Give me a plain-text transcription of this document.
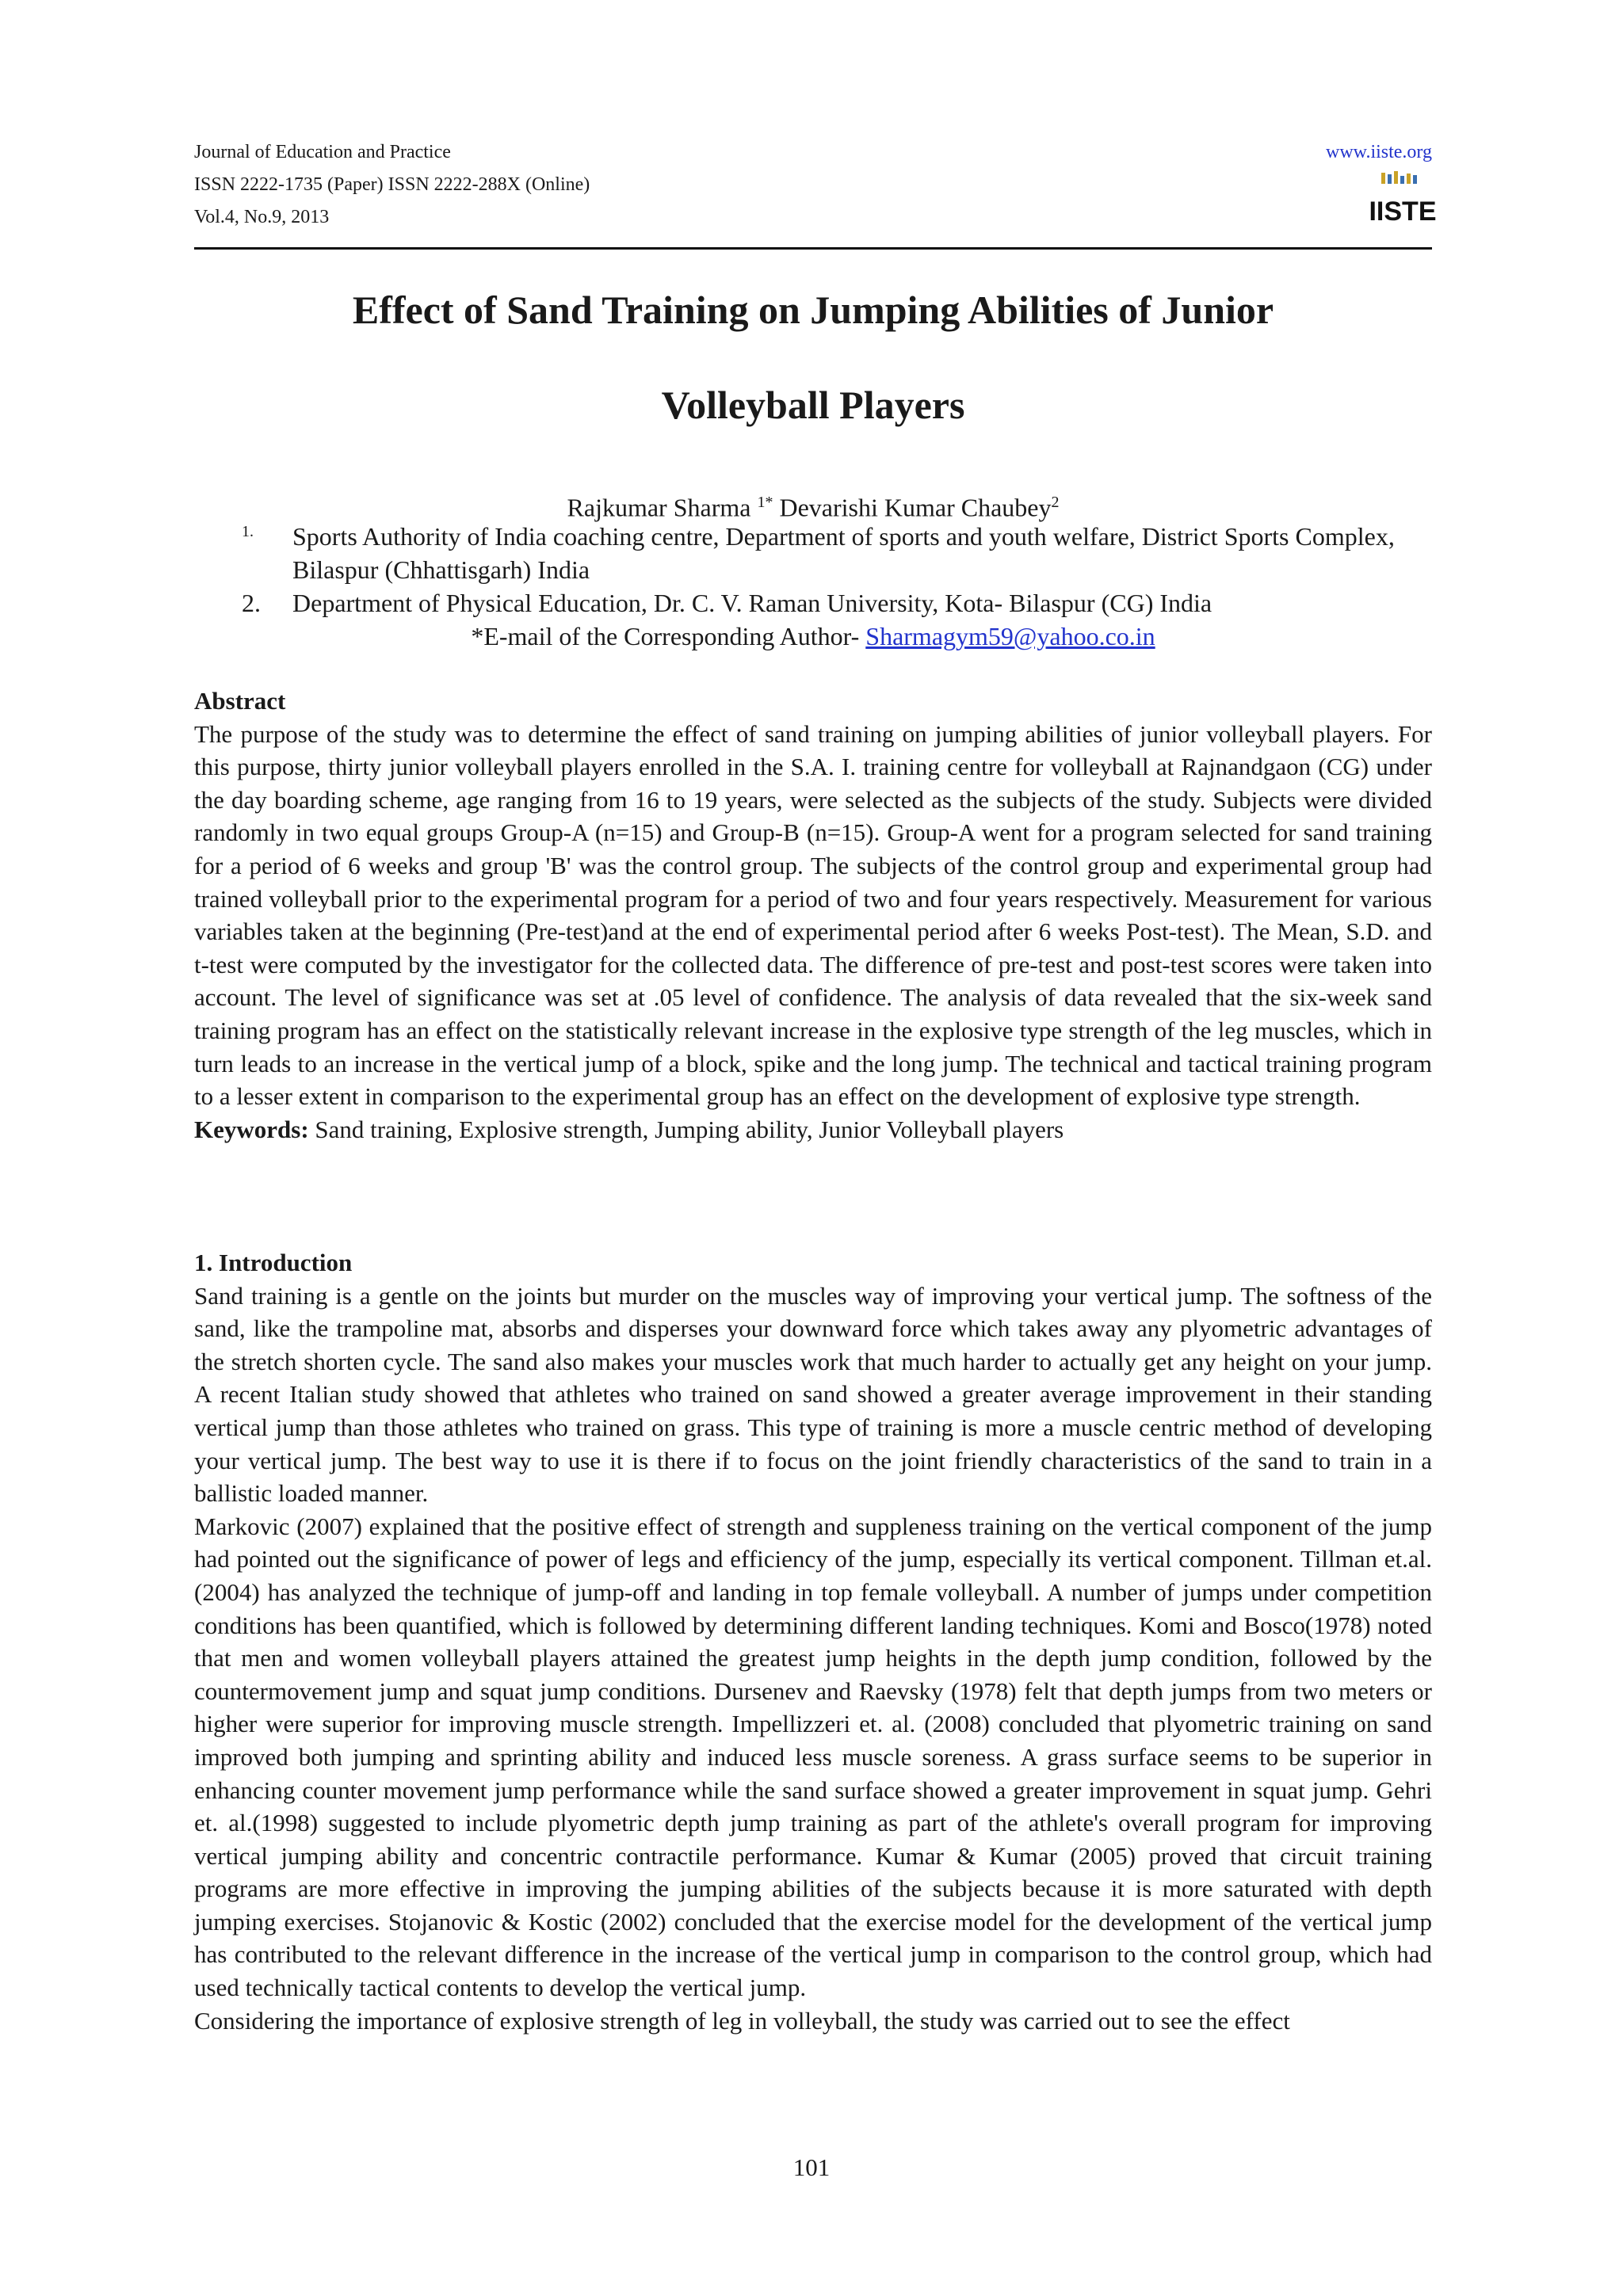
Journal of Education and Practice
ISSN 2222-1735 (Paper) ISSN 2222-288X (Online)
Vol.4, No.9, 2013
www.iiste.org
IISTE
Effect of Sand Training on Jumping Abilities of Junior
Volleyball Players
Rajkumar Sharma $^{1*}$ Devarishi Kumar Chaubey$^2$
1. Sports Authority of India coaching centre, Department of sports and youth welfare, District Sports Complex, Bilaspur (Chhattisgarh) India
2. Department of Physical Education, Dr. C. V. Raman University, Kota- Bilaspur (CG) India
*E-mail of the Corresponding Author- Sharmagym59@yahoo.co.in
Abstract

The purpose of the study was to determine the effect of sand training on jumping abilities of junior volleyball players. For this purpose, thirty junior volleyball players enrolled in the S.A. I. training centre for volleyball at Rajnandgaon (CG) under the day boarding scheme, age ranging from 16 to 19 years, were selected as the subjects of the study. Subjects were divided randomly in two equal groups Group-A (n=15) and Group-B (n=15). Group-A went for a program selected for sand training for a period of 6 weeks and group 'B' was the control group. The subjects of the control group and experimental group had trained volleyball prior to the experimental program for a period of two and four years respectively. Measurement for various variables taken at the beginning (Pre-test)and at the end of experimental period after 6 weeks Post-test). The Mean, S.D. and t-test were computed by the investigator for the collected data. The difference of pre-test and post-test scores were taken into account. The level of significance was set at .05 level of confidence. The analysis of data revealed that the six-week sand training program has an effect on the statistically relevant increase in the explosive type strength of the leg muscles, which in turn leads to an increase in the vertical jump of a block, spike and the long jump. The technical and tactical training program to a lesser extent in comparison to the experimental group has an effect on the development of explosive type strength.

Keywords: Sand training, Explosive strength, Jumping ability, Junior Volleyball players
1. Introduction

Sand training is a gentle on the joints but murder on the muscles way of improving your vertical jump. The softness of the sand, like the trampoline mat, absorbs and disperses your downward force which takes away any plyometric advantages of the stretch shorten cycle. The sand also makes your muscles work that much harder to actually get any height on your jump. A recent Italian study showed that athletes who trained on sand showed a greater average improvement in their standing vertical jump than those athletes who trained on grass. This type of training is more a muscle centric method of developing your vertical jump. The best way to use it is there if to focus on the joint friendly characteristics of the sand to train in a ballistic loaded manner.

Markovic (2007) explained that the positive effect of strength and suppleness training on the vertical component of the jump had pointed out the significance of power of legs and efficiency of the jump, especially its vertical component. Tillman et.al.(2004) has analyzed the technique of jump-off and landing in top female volleyball. A number of jumps under competition conditions has been quantified, which is followed by determining different landing techniques. Komi and Bosco(1978) noted that men and women volleyball players attained the greatest jump heights in the depth jump condition, followed by the countermovement jump and squat jump conditions. Dursenev and Raevsky (1978) felt that depth jumps from two meters or higher were superior for improving muscle strength. Impellizzeri et. al. (2008) concluded that plyometric training on sand improved both jumping and sprinting ability and induced less muscle soreness. A grass surface seems to be superior in enhancing counter movement jump performance while the sand surface showed a greater improvement in squat jump. Gehri et. al.(1998) suggested to include plyometric depth jump training as part of the athlete's overall program for improving vertical jumping ability and concentric contractile performance. Kumar & Kumar (2005) proved that circuit training programs are more effective in improving the jumping abilities of the subjects because it is more saturated with depth jumping exercises. Stojanovic & Kostic (2002) concluded that the exercise model for the development of the vertical jump has contributed to the relevant difference in the increase of the vertical jump in comparison to the control group, which had used technically tactical contents to develop the vertical jump.

Considering the importance of explosive strength of leg in volleyball, the study was carried out to see the effect

101
